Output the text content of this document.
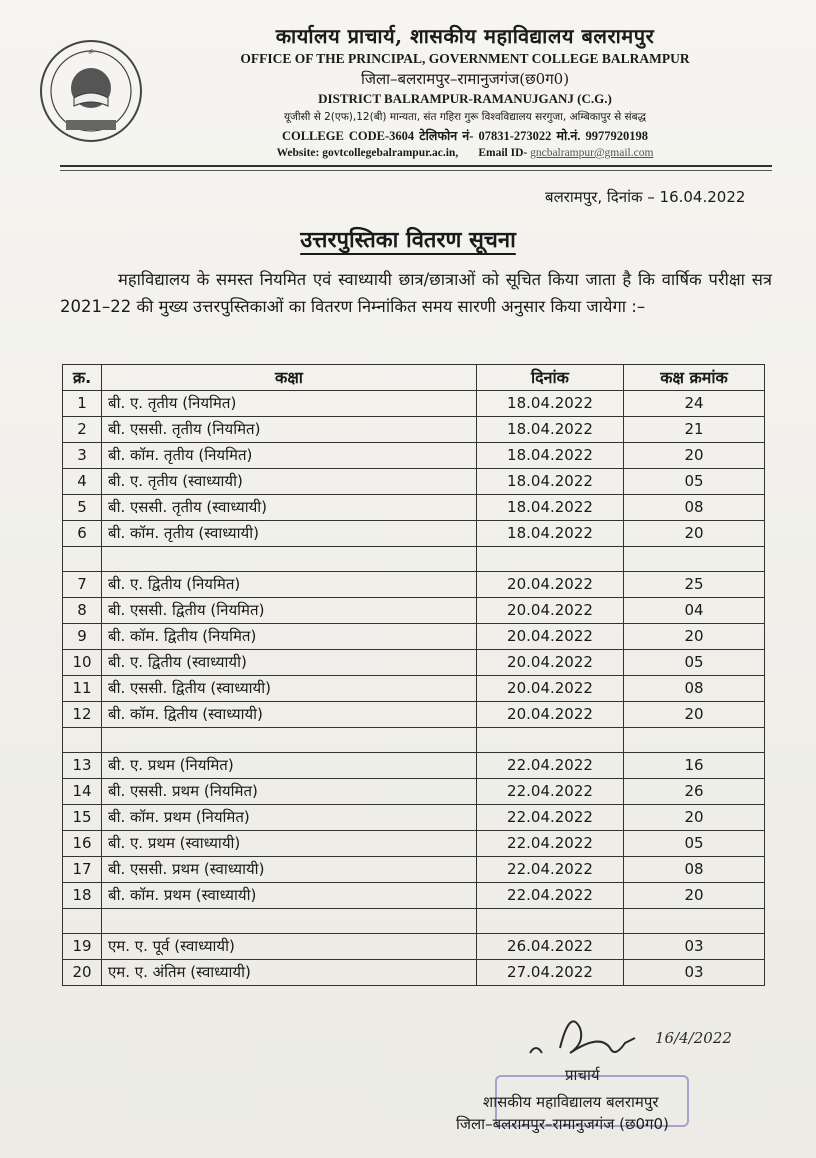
ॐ
कार्यालय प्राचार्य, शासकीय महाविद्यालय बलरामपुर
OFFICE OF THE PRINCIPAL, GOVERNMENT COLLEGE BALRAMPUR
जिला–बलरामपुर–रामानुजगंज(छ0ग0)
DISTRICT BALRAMPUR-RAMANUJGANJ (C.G.)
यूजीसी से 2(एफ),12(बी) मान्यता, संत गहिरा गुरू विश्वविद्यालय सरगुजा, अम्बिकापुर से संबद्ध
COLLEGE CODE-3604 टेलिफोन नं- 07831-273022 मो.नं. 9977920198
Website: govtcollegebalrampur.ac.in, Email ID- gncbalrampur@gmail.com
बलरामपुर, दिनांक – 16.04.2022
उत्तरपुस्तिका वितरण सूचना

महाविद्यालय के समस्त नियमित एवं स्वाध्यायी छात्र/छात्राओं को सूचित किया जाता है कि वार्षिक परीक्षा सत्र 2021–22 की मुख्य उत्तरपुस्तिकाओं का वितरण निम्नांकित समय सारणी अनुसार किया जायेगा :–

क्र.	कक्षा	दिनांक	कक्ष क्रमांक
1	बी. ए. तृतीय (नियमित)	18.04.2022	24
2	बी. एससी. तृतीय (नियमित)	18.04.2022	21
3	बी. कॉम. तृतीय (नियमित)	18.04.2022	20
4	बी. ए. तृतीय (स्वाध्यायी)	18.04.2022	05
5	बी. एससी. तृतीय (स्वाध्यायी)	18.04.2022	08
6	बी. कॉम. तृतीय (स्वाध्यायी)	18.04.2022	20

7	बी. ए. द्वितीय (नियमित)	20.04.2022	25
8	बी. एससी. द्वितीय (नियमित)	20.04.2022	04
9	बी. कॉम. द्वितीय (नियमित)	20.04.2022	20
10	बी. ए. द्वितीय (स्वाध्यायी)	20.04.2022	05
11	बी. एससी. द्वितीय (स्वाध्यायी)	20.04.2022	08
12	बी. कॉम. द्वितीय (स्वाध्यायी)	20.04.2022	20

13	बी. ए. प्रथम (नियमित)	22.04.2022	16
14	बी. एससी. प्रथम (नियमित)	22.04.2022	26
15	बी. कॉम. प्रथम (नियमित)	22.04.2022	20
16	बी. ए. प्रथम (स्वाध्यायी)	22.04.2022	05
17	बी. एससी. प्रथम (स्वाध्यायी)	22.04.2022	08
18	बी. कॉम. प्रथम (स्वाध्यायी)	22.04.2022	20

19	एम. ए. पूर्व (स्वाध्यायी)	26.04.2022	03
20	एम. ए. अंतिम (स्वाध्यायी)	27.04.2022	03
16/4/2022
प्राचार्य
शासकीय महाविद्यालय बलरामपुर
जिला–बलरामपुर–रामानुजगंज (छ0ग0)
